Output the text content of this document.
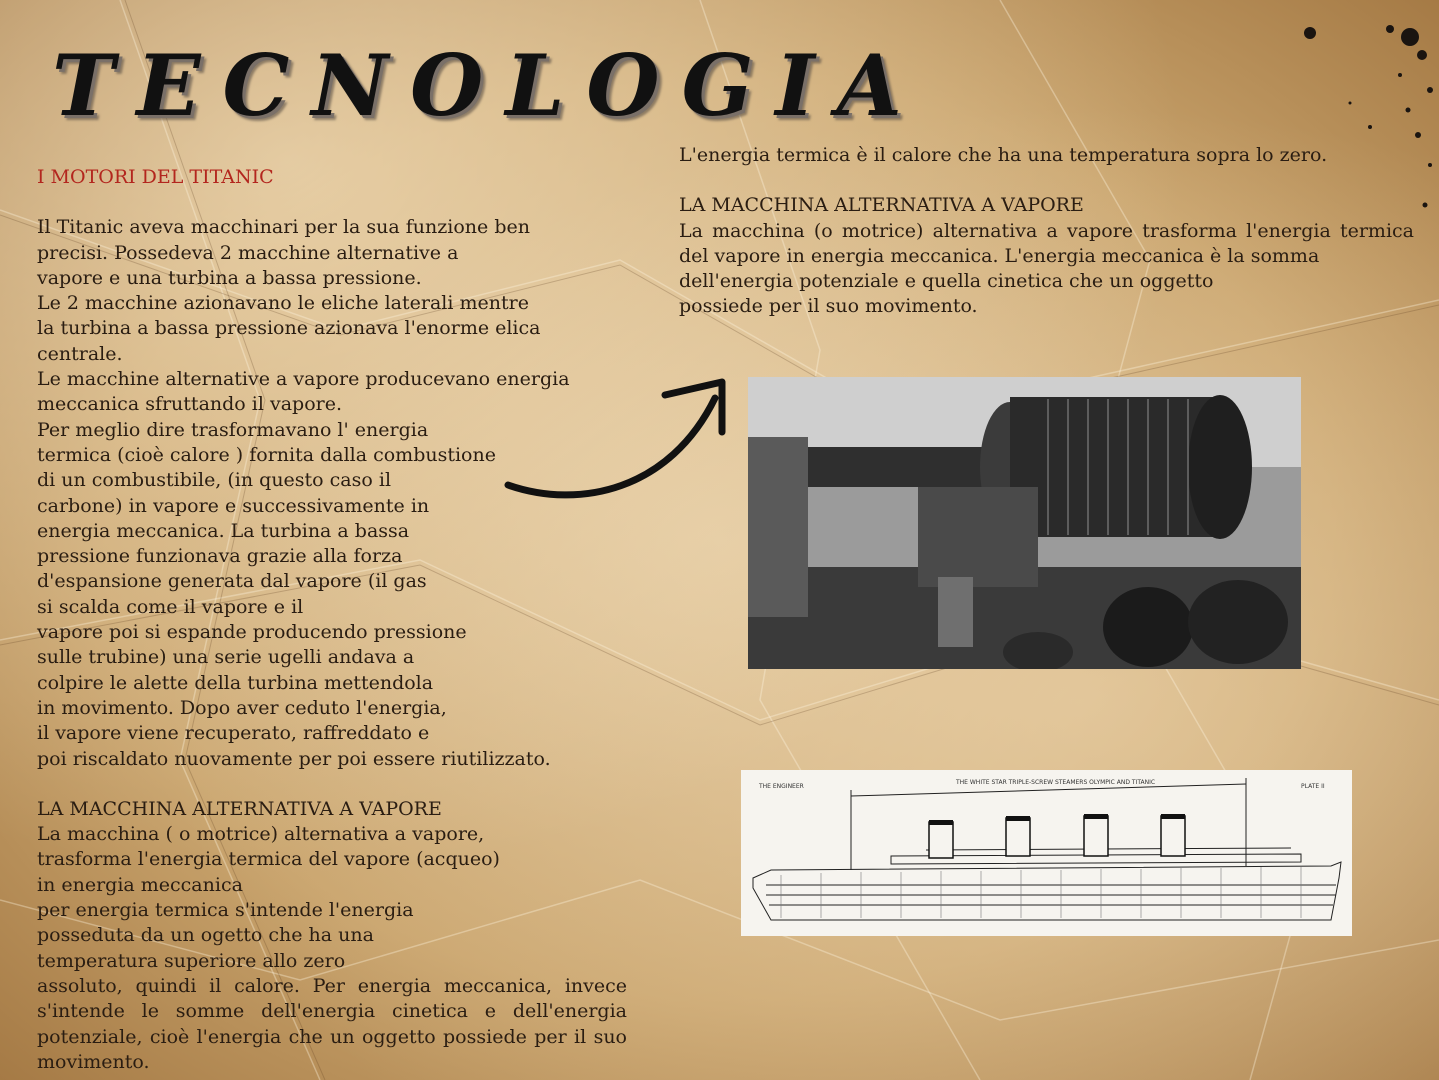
TECNOLOGIA

I MOTORI DEL TITANIC

Il Titanic aveva macchinari per la sua funzione ben
precisi. Possedeva 2 macchine alternative a
vapore e una turbina a bassa pressione.
Le 2 macchine azionavano le eliche laterali mentre
la turbina a bassa pressione azionava l'enorme elica centrale.
Le macchine alternative a vapore producevano energia
meccanica sfruttando il vapore.
Per meglio dire trasformavano l' energia
termica (cioè calore ) fornita dalla combustione
di un combustibile, (in questo caso il
carbone) in vapore e successivamente in
energia meccanica. La turbina a bassa
pressione funzionava grazie alla forza
d'espansione generata dal vapore (il gas
si scalda come il vapore e il
vapore poi si espande producendo pressione
sulle trubine) una serie ugelli andava a
colpire le alette della turbina mettendola
in movimento. Dopo aver ceduto l'energia,
il vapore viene recuperato, raffreddato e
poi riscaldato nuovamente per poi essere riutilizzato.

LA MACCHINA ALTERNATIVA A VAPORE

La macchina ( o motrice) alternativa a vapore,
trasforma l'energia termica del vapore (acqueo)
in energia meccanica
per energia termica s'intende l'energia
posseduta da un ogetto che ha una
temperatura superiore allo zero

assoluto, quindi il calore. Per energia meccanica, invece s'intende le somme dell'energia cinetica e dell'energia potenziale, cioè l'energia che un oggetto possiede per il suo movimento.

L'energia termica è il calore che ha una temperatura sopra lo zero.

LA MACCHINA ALTERNATIVA A VAPORE

La macchina (o motrice) alternativa a vapore trasforma l'energia termica del vapore in energia meccanica. L'energia meccanica è la somma

dell'energia potenziale e quella cinetica che un oggetto
possiede per il suo movimento.

THE WHITE STAR TRIPLE-SCREW STEAMERS OLYMPIC AND TITANIC
THE ENGINEER	PLATE II
